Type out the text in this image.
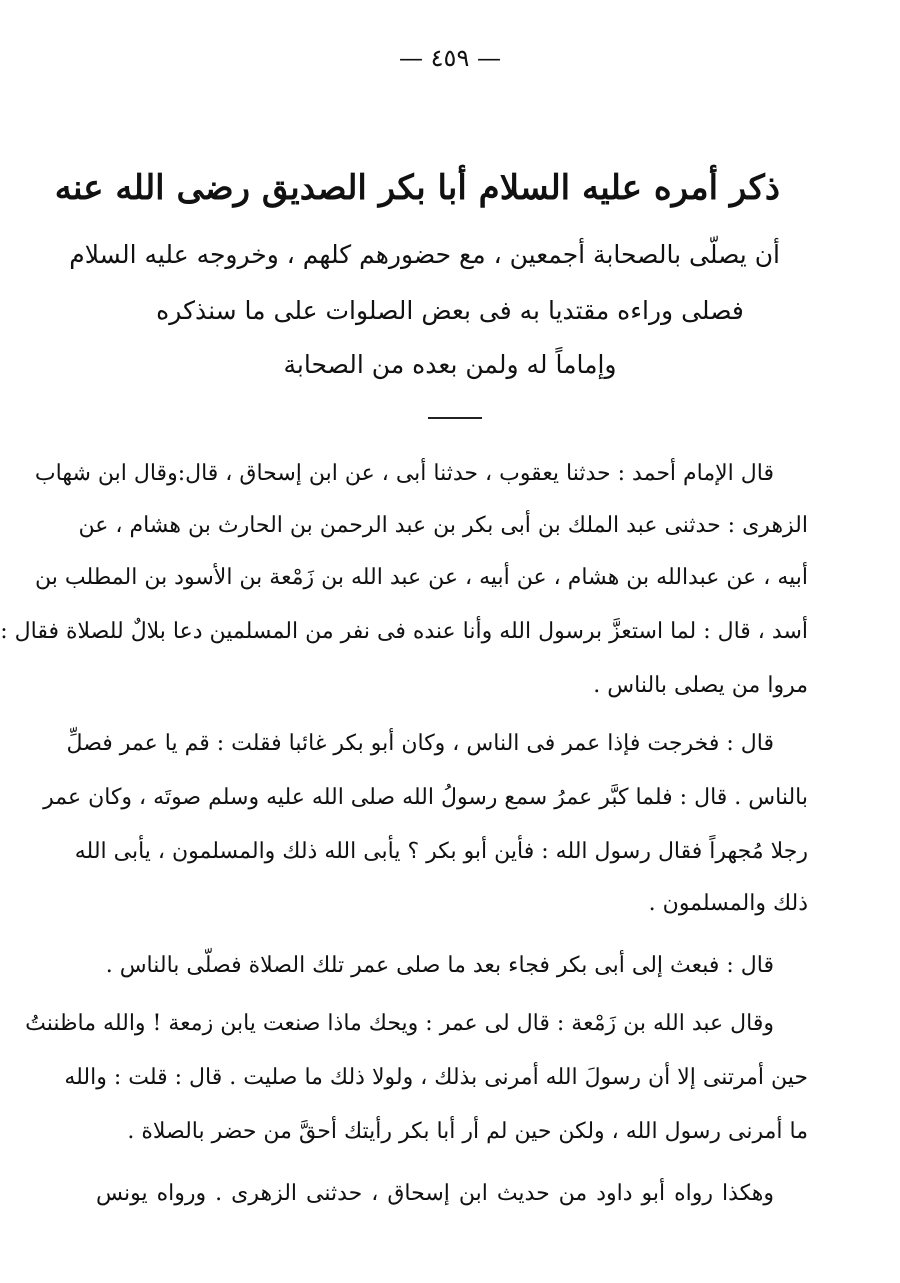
— ٤٥٩ —
ذكر أمره عليه السلام أبا بكر الصديق رضى الله عنه
أن يصلّى بالصحابة أجمعين ، مع حضورهم كلهم ، وخروجه عليه السلام
فصلى وراءه مقتديا به فى بعض الصلوات على ما سنذكره
وإماماً له ولمن بعده من الصحابة
قال الإمام أحمد : حدثنا يعقوب ، حدثنا أبى ، عن ابن إسحاق ، قال:وقال ابن شهاب
الزهرى : حدثنى عبد الملك بن أبى بكر بن عبد الرحمن بن الحارث بن هشام ، عن
أبيه ، عن عبدالله بن هشام ، عن أبيه ، عن عبد الله بن زَمْعة بن الأسود بن المطلب بن
أسد ، قال : لما استعزَّ برسول الله وأنا عنده فى نفر من المسلمين دعا بلالٌ للصلاة فقال :
مروا من يصلى بالناس .
قال : فخرجت فإذا عمر فى الناس ، وكان أبو بكر غائبا فقلت : قم يا عمر فصلِّ
بالناس . قال : فلما كبَّر عمرُ سمع رسولُ الله صلى الله عليه وسلم صوتَه ، وكان عمر
رجلا مُجهراً فقال رسول الله : فأين أبو بكر ؟ يأبى الله ذلك والمسلمون ، يأبى الله
ذلك والمسلمون .
قال : فبعث إلى أبى بكر فجاء بعد ما صلى عمر تلك الصلاة فصلّى بالناس .
وقال عبد الله بن زَمْعة : قال لى عمر : ويحك ماذا صنعت يابن زمعة ! والله ماظننتُ
حين أمرتنى إلا أن رسولَ الله أمرنى بذلك ، ولولا ذلك ما صليت . قال : قلت : والله
ما أمرنى رسول الله ، ولكن حين لم أر أبا بكر رأيتك أحقَّ من حضر بالصلاة .
وهكذا رواه أبو داود من حديث ابن إسحاق ، حدثنى الزهرى . ورواه يونس
